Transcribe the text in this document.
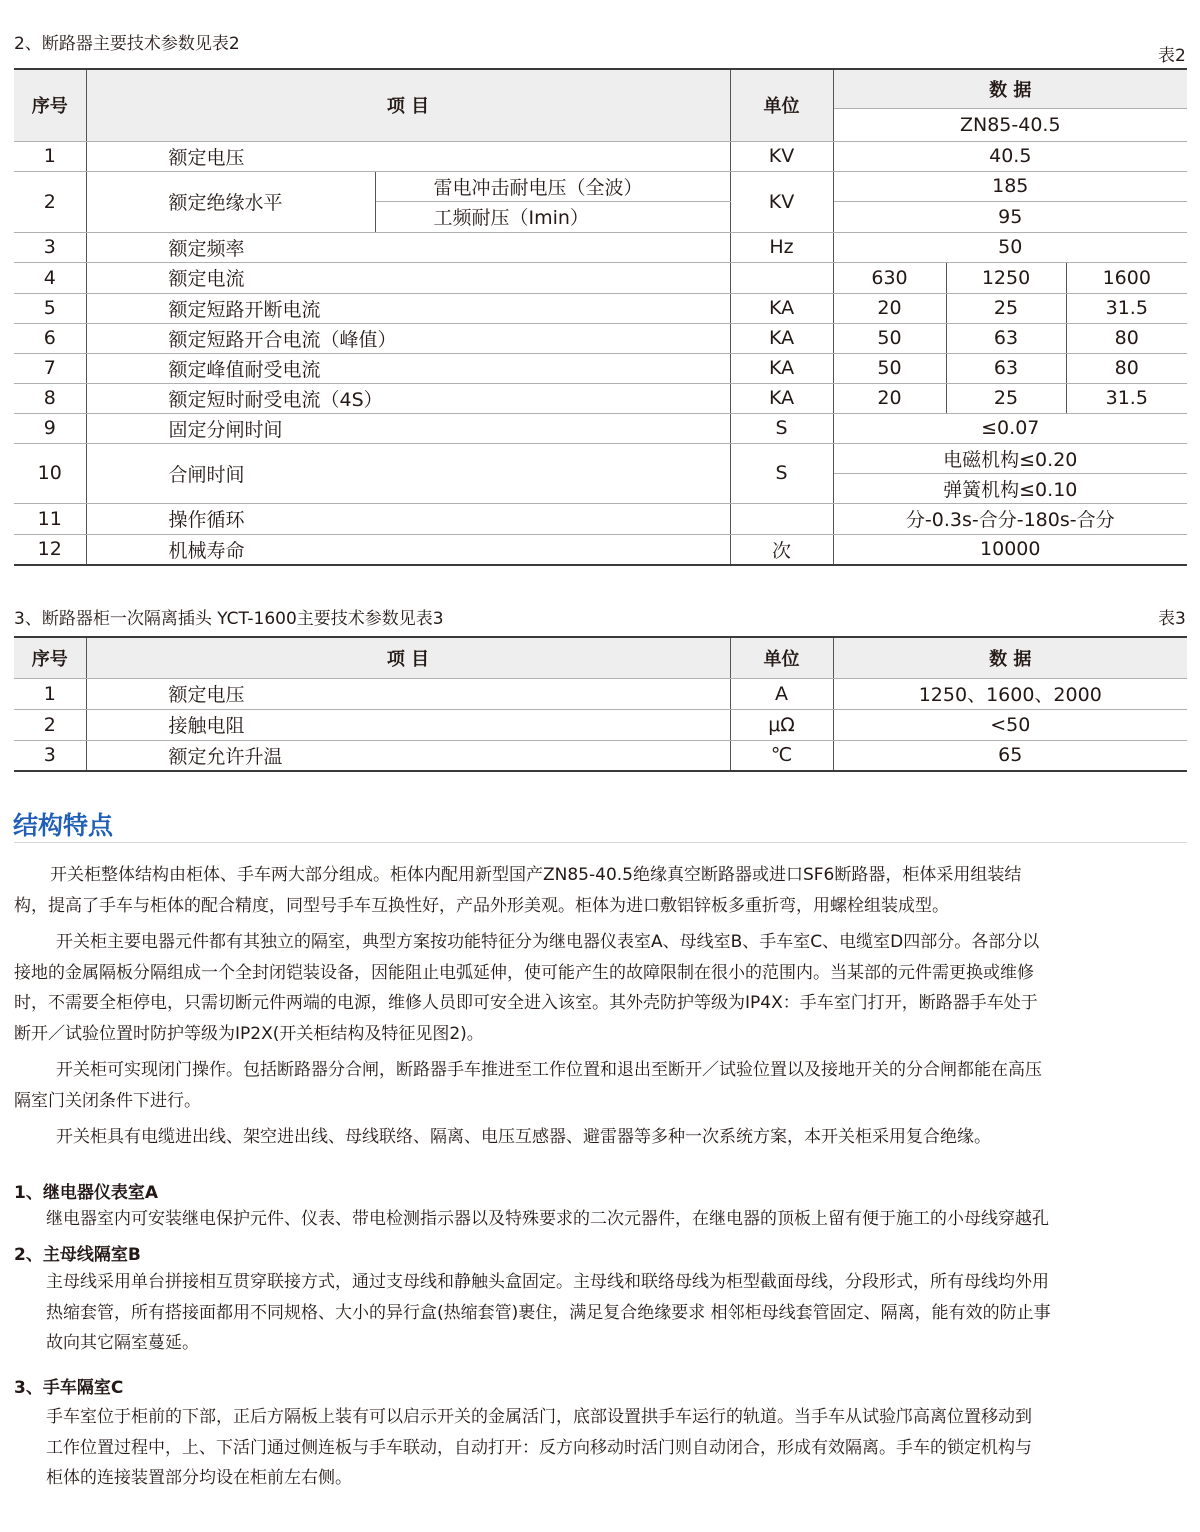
2、断路器主要技术参数见表2
表2
序号	项 目		单位	数 据		
				ZN85-40.5		
1	额定电压		KV	40.5		
2	额定绝缘水平	雷电冲击耐电压（全波）	KV	185		
		工频耐压（Imin）		95		
3	额定频率		Hz	50		
4	额定电流			630	1250	1600
5	额定短路开断电流		KA	20	25	31.5
6	额定短路开合电流（峰值）		KA	50	63	80
7	额定峰值耐受电流		KA	50	63	80
8	额定短时耐受电流（4S）		KA	20	25	31.5
9	固定分闸时间		S	≤0.07		
10	合闸时间		S	电磁机构≤0.20		
				弹簧机构≤0.10		
11	操作循环			分-0.3s-合分-180s-合分		
12	机械寿命		次	10000		
3、断路器柜一次隔离插头 YCT-1600主要技术参数见表3	表3
序号	项 目	单位	数 据
1	额定电压	A	1250、1600、2000
2	接触电阻	μΩ	<50
3	额定允许升温	℃	65
结构特点
开关柜整体结构由柜体、手车两大部分组成。柜体内配用新型国产ZN85-40.5绝缘真空断路器或进口SF6断路器，柜体采用组装结
构，提高了手车与柜体的配合精度，同型号手车互换性好，产品外形美观。柜体为进口敷铝锌板多重折弯，用螺栓组装成型。
开关柜主要电器元件都有其独立的隔室，典型方案按功能特征分为继电器仪表室A、母线室B、手车室C、电缆室D四部分。各部分以
接地的金属隔板分隔组成一个全封闭铠装设备，因能阻止电弧延伸，使可能产生的故障限制在很小的范围内。当某部的元件需更换或维修
时，不需要全柜停电，只需切断元件两端的电源，维修人员即可安全进入该室。其外壳防护等级为IP4X：手车室门打开，断路器手车处于
断开／试验位置时防护等级为IP2X(开关柜结构及特征见图2)。
开关柜可实现闭门操作。包括断路器分合闸，断路器手车推进至工作位置和退出至断开／试验位置以及接地开关的分合闸都能在高压
隔室门关闭条件下进行。
开关柜具有电缆进出线、架空进出线、母线联络、隔离、电压互感器、避雷器等多种一次系统方案，本开关柜采用复合绝缘。
1、继电器仪表室A
继电器室内可安装继电保护元件、仪表、带电检测指示器以及特殊要求的二次元器件，在继电器的顶板上留有便于施工的小母线穿越孔
2、主母线隔室B
主母线采用单台拼接相互贯穿联接方式，通过支母线和静触头盒固定。主母线和联络母线为柜型截面母线，分段形式，所有母线均外用
热缩套管，所有搭接面都用不同规格、大小的异行盒(热缩套管)裹住，满足复合绝缘要求 相邻柜母线套管固定、隔离，能有效的防止事
故向其它隔室蔓延。
3、手车隔室C
手车室位于柜前的下部，正后方隔板上装有可以启示开关的金属活门，底部设置拱手车运行的轨道。当手车从试验邝高离位置移动到
工作位置过程中，上、下活门通过侧连板与手车联动，自动打开：反方向移动时活门则自动闭合，形成有效隔离。手车的锁定机构与
柜体的连接装置部分均设在柜前左右侧。
